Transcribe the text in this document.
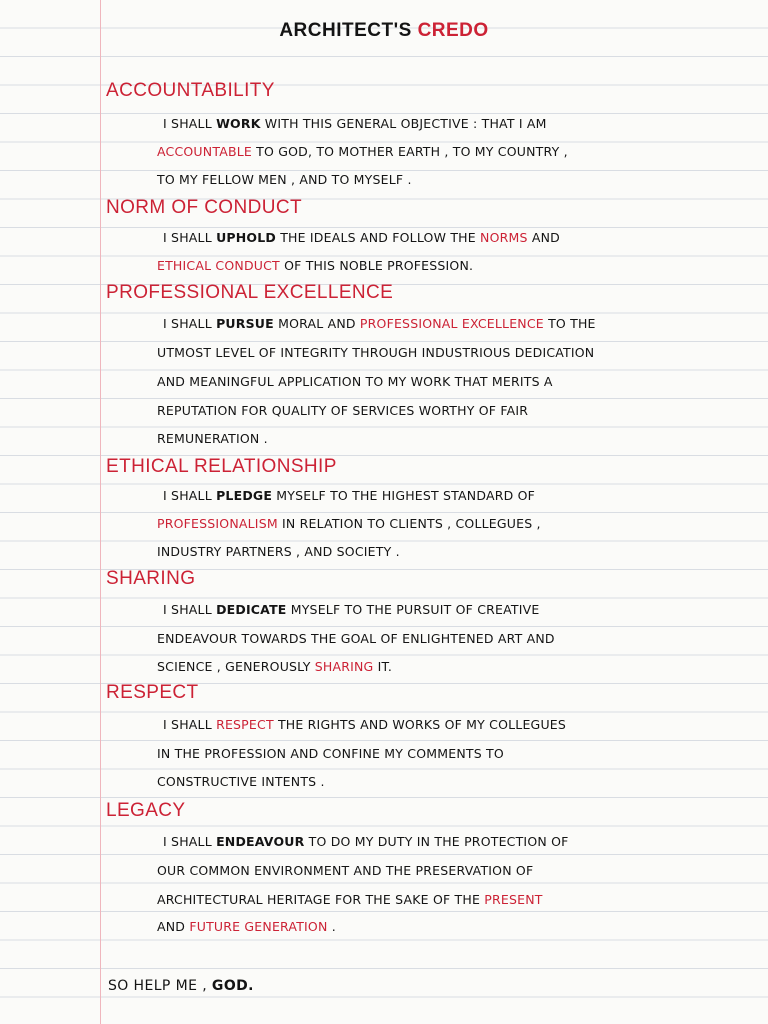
ARCHITECT'S CREDO
ACCOUNTABILITY
I SHALL WORK WITH THIS GENERAL OBJECTIVE : THAT I AM
ACCOUNTABLE TO GOD, TO MOTHER EARTH , TO MY COUNTRY ,
TO MY FELLOW MEN , AND TO MYSELF .
NORM OF CONDUCT
I SHALL UPHOLD THE IDEALS AND FOLLOW THE NORMS AND
ETHICAL CONDUCT OF THIS NOBLE PROFESSION.
PROFESSIONAL EXCELLENCE
I SHALL PURSUE MORAL AND PROFESSIONAL EXCELLENCE TO THE
UTMOST LEVEL OF INTEGRITY THROUGH INDUSTRIOUS DEDICATION
AND MEANINGFUL APPLICATION TO MY WORK THAT MERITS A
REPUTATION FOR QUALITY OF SERVICES WORTHY OF FAIR
REMUNERATION .
ETHICAL RELATIONSHIP
I SHALL PLEDGE MYSELF TO THE HIGHEST STANDARD OF
PROFESSIONALISM IN RELATION TO CLIENTS , COLLEGUES ,
INDUSTRY PARTNERS , AND SOCIETY .
SHARING
I SHALL DEDICATE MYSELF TO THE PURSUIT OF CREATIVE
ENDEAVOUR TOWARDS THE GOAL OF ENLIGHTENED ART AND
SCIENCE , GENEROUSLY SHARING IT.
RESPECT
I SHALL RESPECT THE RIGHTS AND WORKS OF MY COLLEGUES
IN THE PROFESSION AND CONFINE MY COMMENTS TO
CONSTRUCTIVE INTENTS .
LEGACY
I SHALL ENDEAVOUR TO DO MY DUTY IN THE PROTECTION OF
OUR COMMON ENVIRONMENT AND THE PRESERVATION OF
ARCHITECTURAL HERITAGE FOR THE SAKE OF THE PRESENT
AND FUTURE GENERATION .
SO HELP ME , GOD.
